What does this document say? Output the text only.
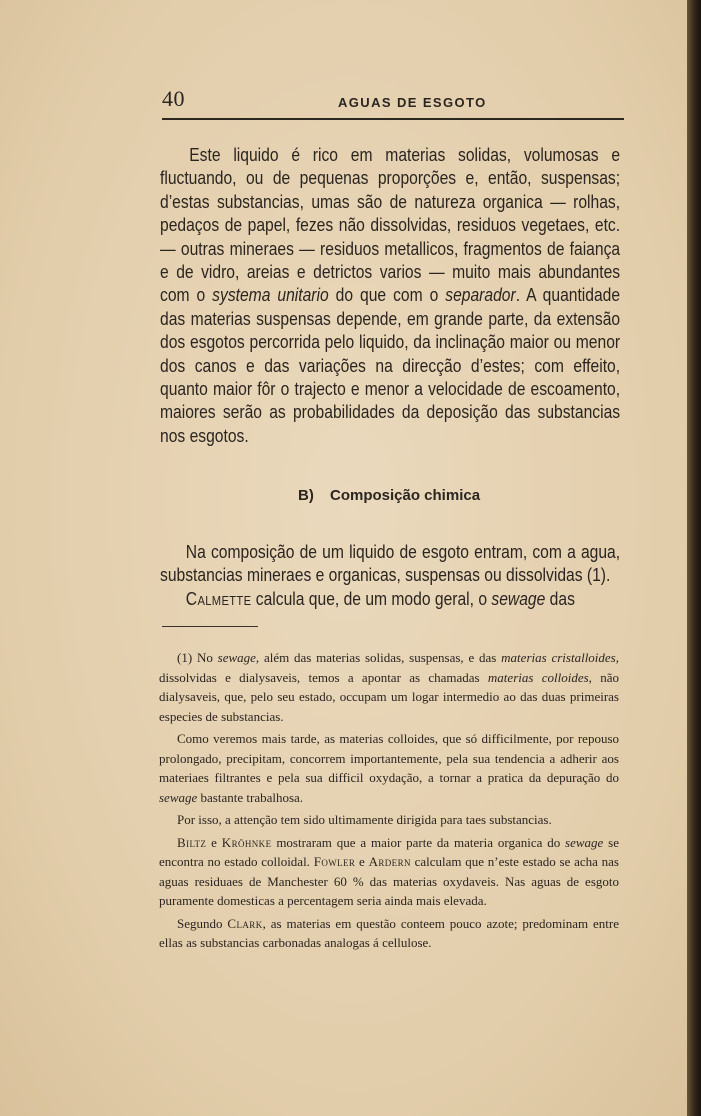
40	AGUAS DE ESGOTO

Este liquido é rico em materias solidas, volumosas e fluctuando, ou de pequenas proporções e, então, suspensas; d’estas substancias, umas são de natureza organica — rolhas, pedaços de papel, fezes não dissolvidas, residuos vegetaes, etc. — outras mineraes — residuos metallicos, fragmentos de faiança e de vidro, areias e detrictos varios — muito mais abundantes com o systema unitario do que com o separador. A quantidade das materias suspensas depende, em grande parte, da extensão dos esgotos percorrida pelo liquido, da inclinação maior ou menor dos canos e das variações na direcção d’estes; com effeito, quanto maior fôr o trajecto e menor a velocidade de escoamento, maiores serão as probabilidades da deposição das substancias nos esgotos.

B) Composição chimica

Na composição de um liquido de esgoto entram, com a agua, substancias mineraes e organicas, suspensas ou dissolvidas (1).

Calmette calcula que, de um modo geral, o sewage das

(1) No sewage, além das materias solidas, suspensas, e das materias cristalloides, dissolvidas e dialysaveis, temos a apontar as chamadas materias colloides, não dialysaveis, que, pelo seu estado, occupam um logar intermedio ao das duas primeiras especies de substancias.

Como veremos mais tarde, as materias colloides, que só difficilmente, por repouso prolongado, precipitam, concorrem importantemente, pela sua tendencia a adherir aos materiaes filtrantes e pela sua difficil oxydação, a tornar a pratica da depuração do sewage bastante trabalhosa.

Por isso, a attenção tem sido ultimamente dirigida para taes substancias.

Biltz e Kröhnke mostraram que a maior parte da materia organica do sewage se encontra no estado colloidal. Fowler e Ardern calculam que n’este estado se acha nas aguas residuaes de Manchester 60 % das materias oxydaveis. Nas aguas de esgoto puramente domesticas a percentagem seria ainda mais elevada.

Segundo Clark, as materias em questão conteem pouco azote; predominam entre ellas as substancias carbonadas analogas á cellulose.
